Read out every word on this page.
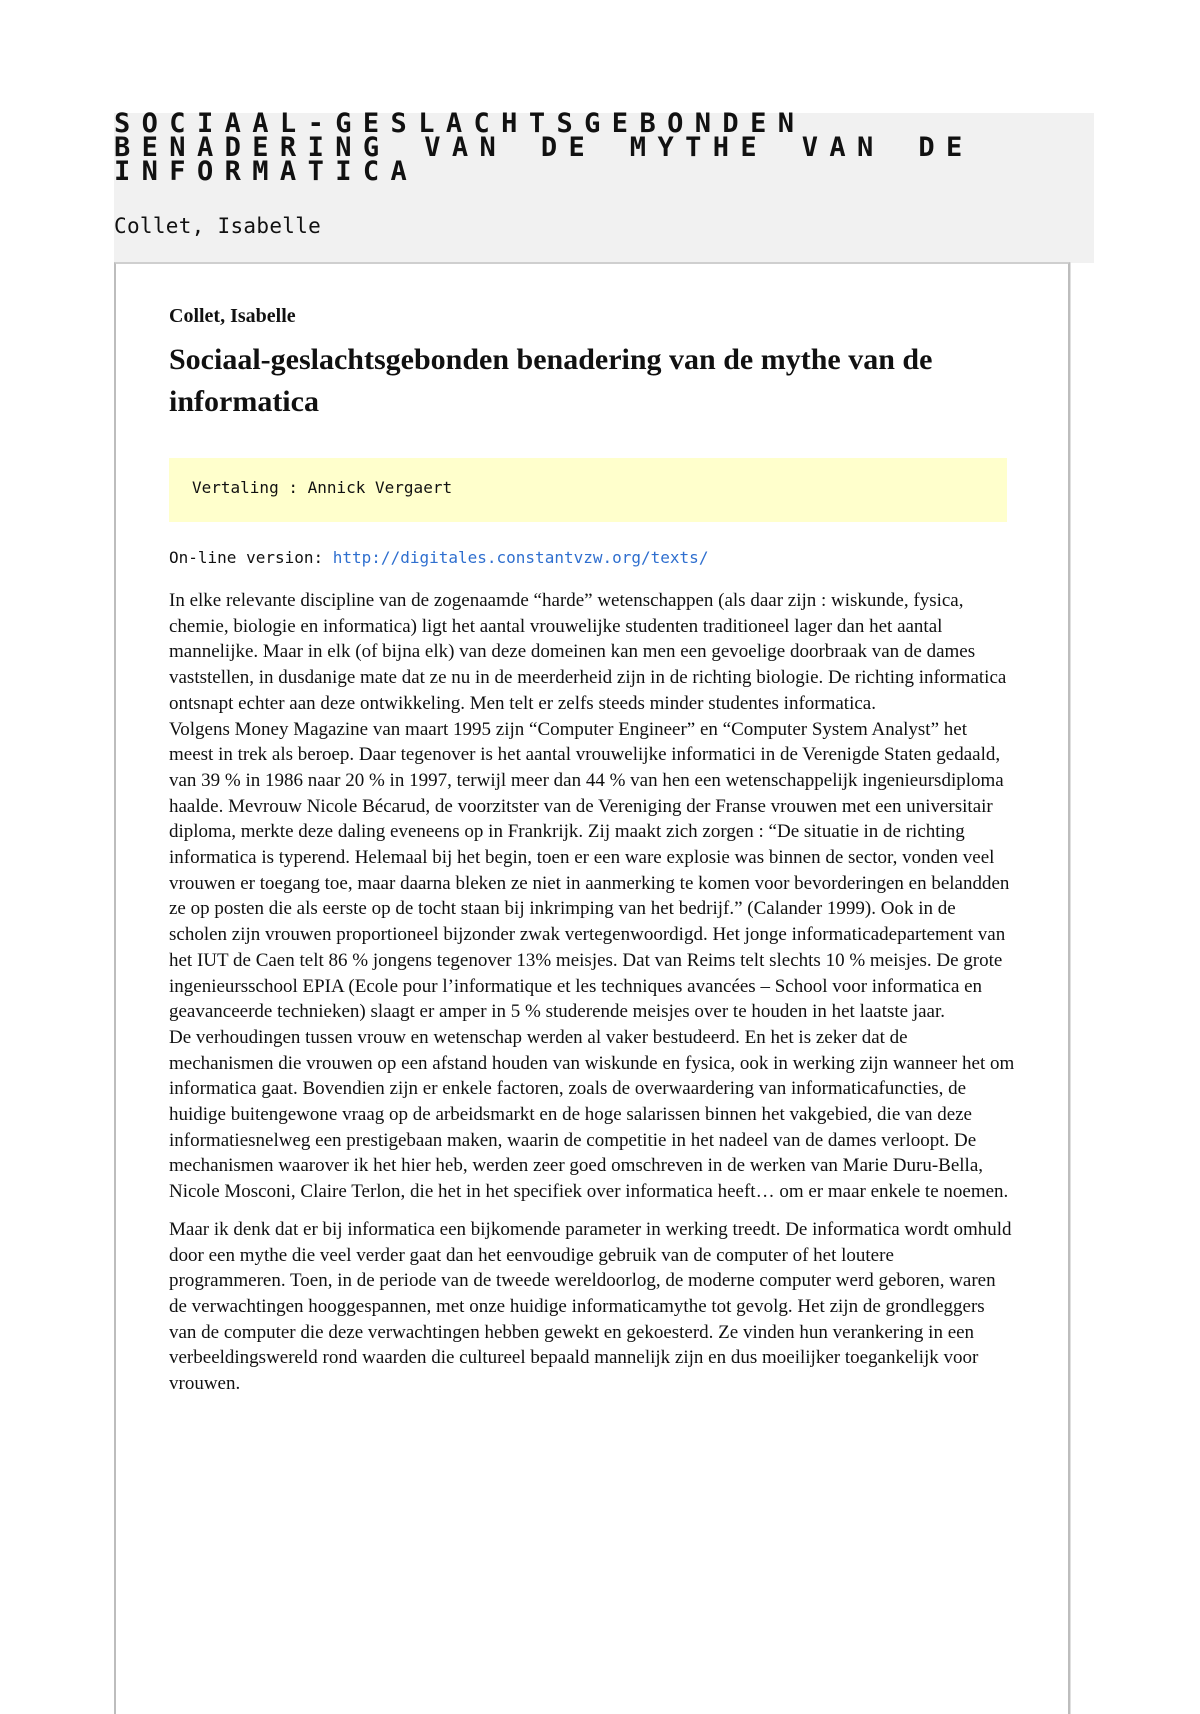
SOCIAAL-GESLACHTSGEBONDEN BENADERING VAN DE MYTHE VAN DE INFORMATICA
Collet, Isabelle
Collet, Isabelle
Sociaal-geslachtsgebonden benadering van de mythe van de informatica
Vertaling : Annick Vergaert
On-line version: http://digitales.constantvzw.org/texts/

In elke relevante discipline van de zogenaamde “harde” wetenschappen (als daar zijn : wiskunde, fysica, chemie, biologie en informatica) ligt het aantal vrouwelijke studenten traditioneel lager dan het aantal mannelijke. Maar in elk (of bijna elk) van deze domeinen kan men een gevoelige doorbraak van de dames vaststellen, in dusdanige mate dat ze nu in de meerderheid zijn in de richting biologie. De richting informatica ontsnapt echter aan deze ontwikkeling. Men telt er zelfs steeds minder studentes informatica.

Volgens Money Magazine van maart 1995 zijn “Computer Engineer” en “Computer System Analyst” het meest in trek als beroep. Daar tegenover is het aantal vrouwelijke informatici in de Verenigde Staten gedaald, van 39 % in 1986 naar 20 % in 1997, terwijl meer dan 44 % van hen een wetenschappelijk ingenieursdiploma haalde. Mevrouw Nicole Bécarud, de voorzitster van de Vereniging der Franse vrouwen met een universitair diploma, merkte deze daling eveneens op in Frankrijk. Zij maakt zich zorgen : “De situatie in de richting informatica is typerend. Helemaal bij het begin, toen er een ware explosie was binnen de sector, vonden veel vrouwen er toegang toe, maar daarna bleken ze niet in aanmerking te komen voor bevorderingen en belandden ze op posten die als eerste op de tocht staan bij inkrimping van het bedrijf.” (Calander 1999). Ook in de scholen zijn vrouwen proportioneel bijzonder zwak vertegenwoordigd. Het jonge informaticadepartement van het IUT de Caen telt 86 % jongens tegenover 13% meisjes. Dat van Reims telt slechts 10 % meisjes. De grote ingenieursschool EPIA (Ecole pour l’informatique et les techniques avancées – School voor informatica en geavanceerde technieken) slaagt er amper in 5 % studerende meisjes over te houden in het laatste jaar.

De verhoudingen tussen vrouw en wetenschap werden al vaker bestudeerd. En het is zeker dat de mechanismen die vrouwen op een afstand houden van wiskunde en fysica, ook in werking zijn wanneer het om informatica gaat. Bovendien zijn er enkele factoren, zoals de overwaardering van informaticafuncties, de huidige buitengewone vraag op de arbeidsmarkt en de hoge salarissen binnen het vakgebied, die van deze informatiesnelweg een prestigebaan maken, waarin de competitie in het nadeel van de dames verloopt. De mechanismen waarover ik het hier heb, werden zeer goed omschreven in de werken van Marie Duru-Bella, Nicole Mosconi, Claire Terlon, die het in het specifiek over informatica heeft… om er maar enkele te noemen.

Maar ik denk dat er bij informatica een bijkomende parameter in werking treedt. De informatica wordt omhuld door een mythe die veel verder gaat dan het eenvoudige gebruik van de computer of het loutere programmeren. Toen, in de periode van de tweede wereldoorlog, de moderne computer werd geboren, waren de verwachtingen hooggespannen, met onze huidige informaticamythe tot gevolg. Het zijn de grondleggers van de computer die deze verwachtingen hebben gewekt en gekoesterd. Ze vinden hun verankering in een verbeeldingswereld rond waarden die cultureel bepaald mannelijk zijn en dus moeilijker toegankelijk voor vrouwen.
